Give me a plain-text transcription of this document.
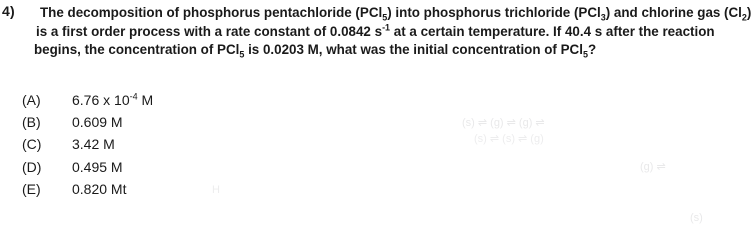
(s) ⇌ (g) ⇌ (g) ⇌
(s) ⇌ (s) ⇌ (g)
(g) ⇌
H
(s)
4) The decomposition of phosphorus pentachloride (PCl$_5$) into phosphorus trichloride (PCl$_3$) and chlorine gas $(Cl_2)$
is a first order process with a rate constant of 0.0842 $s^{-1}$ at a certain temperature. If 40.4 s after the reaction
begins, the concentration of PCl$_5$ is 0.0203 M, what was the initial concentration of PCl$_5$?
(A)	6.76 x $10^{-4}$ M
(B)	0.609 M
(C)	3.42 M
(D)	0.495 M
(E)	0.820 Mt
